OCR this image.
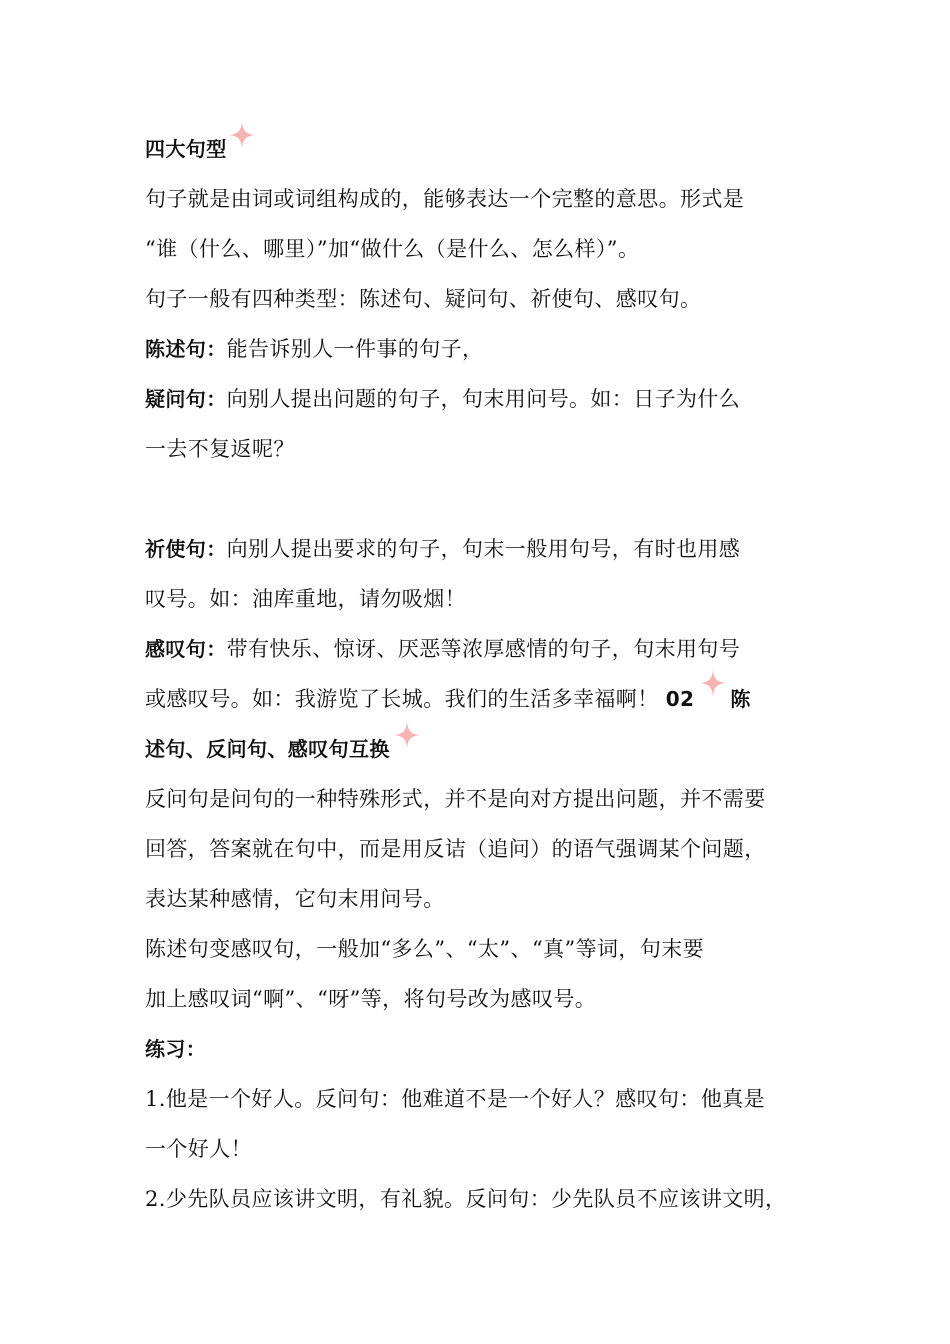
四大句型
句子就是由词或词组构成的，能够表达一个完整的意思。形式是
“谁（什么、哪里）”加“做什么（是什么、怎么样）”。
句子一般有四种类型：陈述句、疑问句、祈使句、感叹句。
陈述句：能告诉别人一件事的句子，
疑问句：向别人提出问题的句子，句末用问号。如：日子为什么
一去不复返呢？
祈使句：向别人提出要求的句子，句末一般用句号，有时也用感
叹号。如：油库重地，请勿吸烟！
感叹句：带有快乐、惊讶、厌恶等浓厚感情的句子，句末用句号
或感叹号。如：我游览了长城。我们的生活多幸福啊！ 02 陈
述句、反问句、感叹句互换
反问句是问句的一种特殊形式，并不是向对方提出问题，并不需要
回答，答案就在句中，而是用反诘（追问）的语气强调某个问题，
表达某种感情，它句末用问号。
陈述句变感叹句，一般加“多么”、“太”、“真”等词，句末要
加上感叹词“啊”、“呀”等，将句号改为感叹号。
练习：
1.他是一个好人。反问句：他难道不是一个好人？感叹句：他真是
一个好人！
2.少先队员应该讲文明，有礼貌。反问句：少先队员不应该讲文明，
